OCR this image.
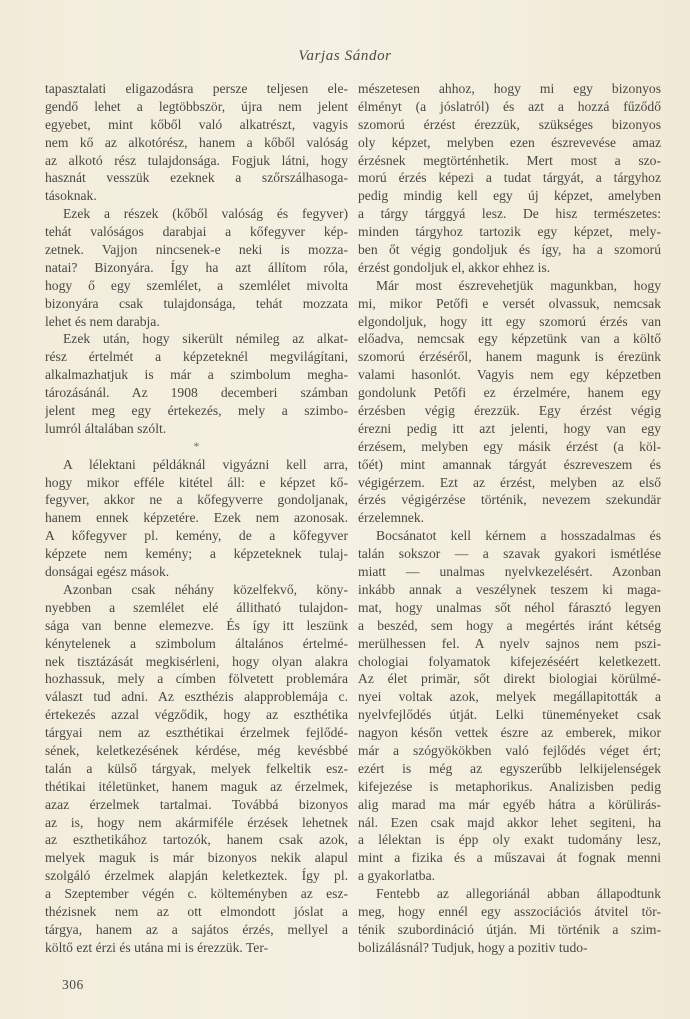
Varjas Sándor
tapasztalati eligazodásra persze teljesen ele-
gendő lehet a legtöbbször, újra nem jelent
egyebet, mint kőből való alkatrészt, vagyis
nem kő az alkotórész, hanem a kőből valóság
az alkotó rész tulajdonsága. Fogjuk látni, hogy
hasznát vesszük ezeknek a szőrszálhasoga-
tásoknak.
Ezek a részek (kőből valóság és fegyver)
tehát valóságos darabjai a kőfegyver kép-
zetnek. Vajjon nincsenek-e neki is mozza-
natai? Bizonyára. Így ha azt állítom róla,
hogy ő egy szemlélet, a szemlélet mivolta
bizonyára csak tulajdonsága, tehát mozzata
lehet és nem darabja.
Ezek után, hogy sikerült némileg az alkat-
rész értelmét a képzeteknél megvilágítani,
alkalmazhatjuk is már a szimbolum megha-
tározásánál. Az 1908 decemberi számban
jelent meg egy értekezés, mely a szimbo-
lumról általában szólt.
*
A lélektani példáknál vigyázni kell arra,
hogy mikor efféle kitétel áll: e képzet kő-
fegyver, akkor ne a kőfegyverre gondoljanak,
hanem ennek képzetére. Ezek nem azonosak.
A kőfegyver pl. kemény, de a kőfegyver
képzete nem kemény; a képzeteknek tulaj-
donságai egész mások.
Azonban csak néhány közelfekvő, köny-
nyebben a szemlélet elé állitható tulajdon-
sága van benne elemezve. És így itt leszünk
kénytelenek a szimbolum általános értelmé-
nek tisztázását megkisérleni, hogy olyan alakra
hozhassuk, mely a címben fölvetett problemára
választ tud adni. Az eszthézis alapproblemája c.
értekezés azzal végződik, hogy az eszthétika
tárgyai nem az eszthétikai érzelmek fejlődé-
sének, keletkezésének kérdése, még kevésbbé
talán a külső tárgyak, melyek felkeltik esz-
thétikai itéletünket, hanem maguk az érzelmek,
azaz érzelmek tartalmai. Továbbá bizonyos
az is, hogy nem akármiféle érzések lehetnek
az eszthetikához tartozók, hanem csak azok,
melyek maguk is már bizonyos nekik alapul
szolgáló érzelmek alapján keletkeztek. Így pl.
a Szeptember végén c. költeményben az esz-
thézisnek nem az ott elmondott jóslat a
tárgya, hanem az a sajátos érzés, mellyel a
költő ezt érzi és utána mi is érezzük. Ter-
mészetesen ahhoz, hogy mi egy bizonyos
élményt (a jóslatról) és azt a hozzá fűződő
szomorú érzést érezzük, szükséges bizonyos
oly képzet, melyben ezen észrevevése amaz
érzésnek megtörténhetik. Mert most a szo-
morú érzés képezi a tudat tárgyát, a tárgyhoz
pedig mindig kell egy új képzet, amelyben
a tárgy tárggyá lesz. De hisz természetes:
minden tárgyhoz tartozik egy képzet, mely-
ben őt végig gondoljuk és így, ha a szomorú
érzést gondoljuk el, akkor ehhez is.
Már most észrevehetjük magunkban, hogy
mi, mikor Petőfi e versét olvassuk, nemcsak
elgondoljuk, hogy itt egy szomorú érzés van
előadva, nemcsak egy képzetünk van a költő
szomorú érzéséről, hanem magunk is érezünk
valami hasonlót. Vagyis nem egy képzetben
gondolunk Petőfi ez érzelmére, hanem egy
érzésben végig érezzük. Egy érzést végig
érezni pedig itt azt jelenti, hogy van egy
érzésem, melyben egy másik érzést (a köl-
tőét) mint amannak tárgyát észreveszem és
végigérzem. Ezt az érzést, melyben az első
érzés végigérzése történik, nevezem szekundär
érzelemnek.
Bocsánatot kell kérnem a hosszadalmas és
talán sokszor — a szavak gyakori ismétlése
miatt — unalmas nyelvkezelésért. Azonban
inkább annak a veszélynek teszem ki maga-
mat, hogy unalmas sőt néhol fárasztó legyen
a beszéd, sem hogy a megértés iránt kétség
merülhessen fel. A nyelv sajnos nem pszi-
chologiai folyamatok kifejezéséért keletkezett.
Az élet primär, sőt direkt biologiai körülmé-
nyei voltak azok, melyek megállapitották a
nyelvfejlődés útját. Lelki tüneményeket csak
nagyon későn vettek észre az emberek, mikor
már a szógyökökben való fejlődés véget ért;
ezért is még az egyszerűbb lelkijelenségek
kifejezése is metaphorikus. Analizisben pedig
alig marad ma már egyéb hátra a körülirás-
nál. Ezen csak majd akkor lehet segiteni, ha
a lélektan is épp oly exakt tudomány lesz,
mint a fizika és a műszavai át fognak menni
a gyakorlatba.
Fentebb az allegoriánál abban állapodtunk
meg, hogy ennél egy asszociációs átvitel tör-
ténik szubordináció útján. Mi történik a szim-
bolizálásnál? Tudjuk, hogy a pozitiv tudo-
306
